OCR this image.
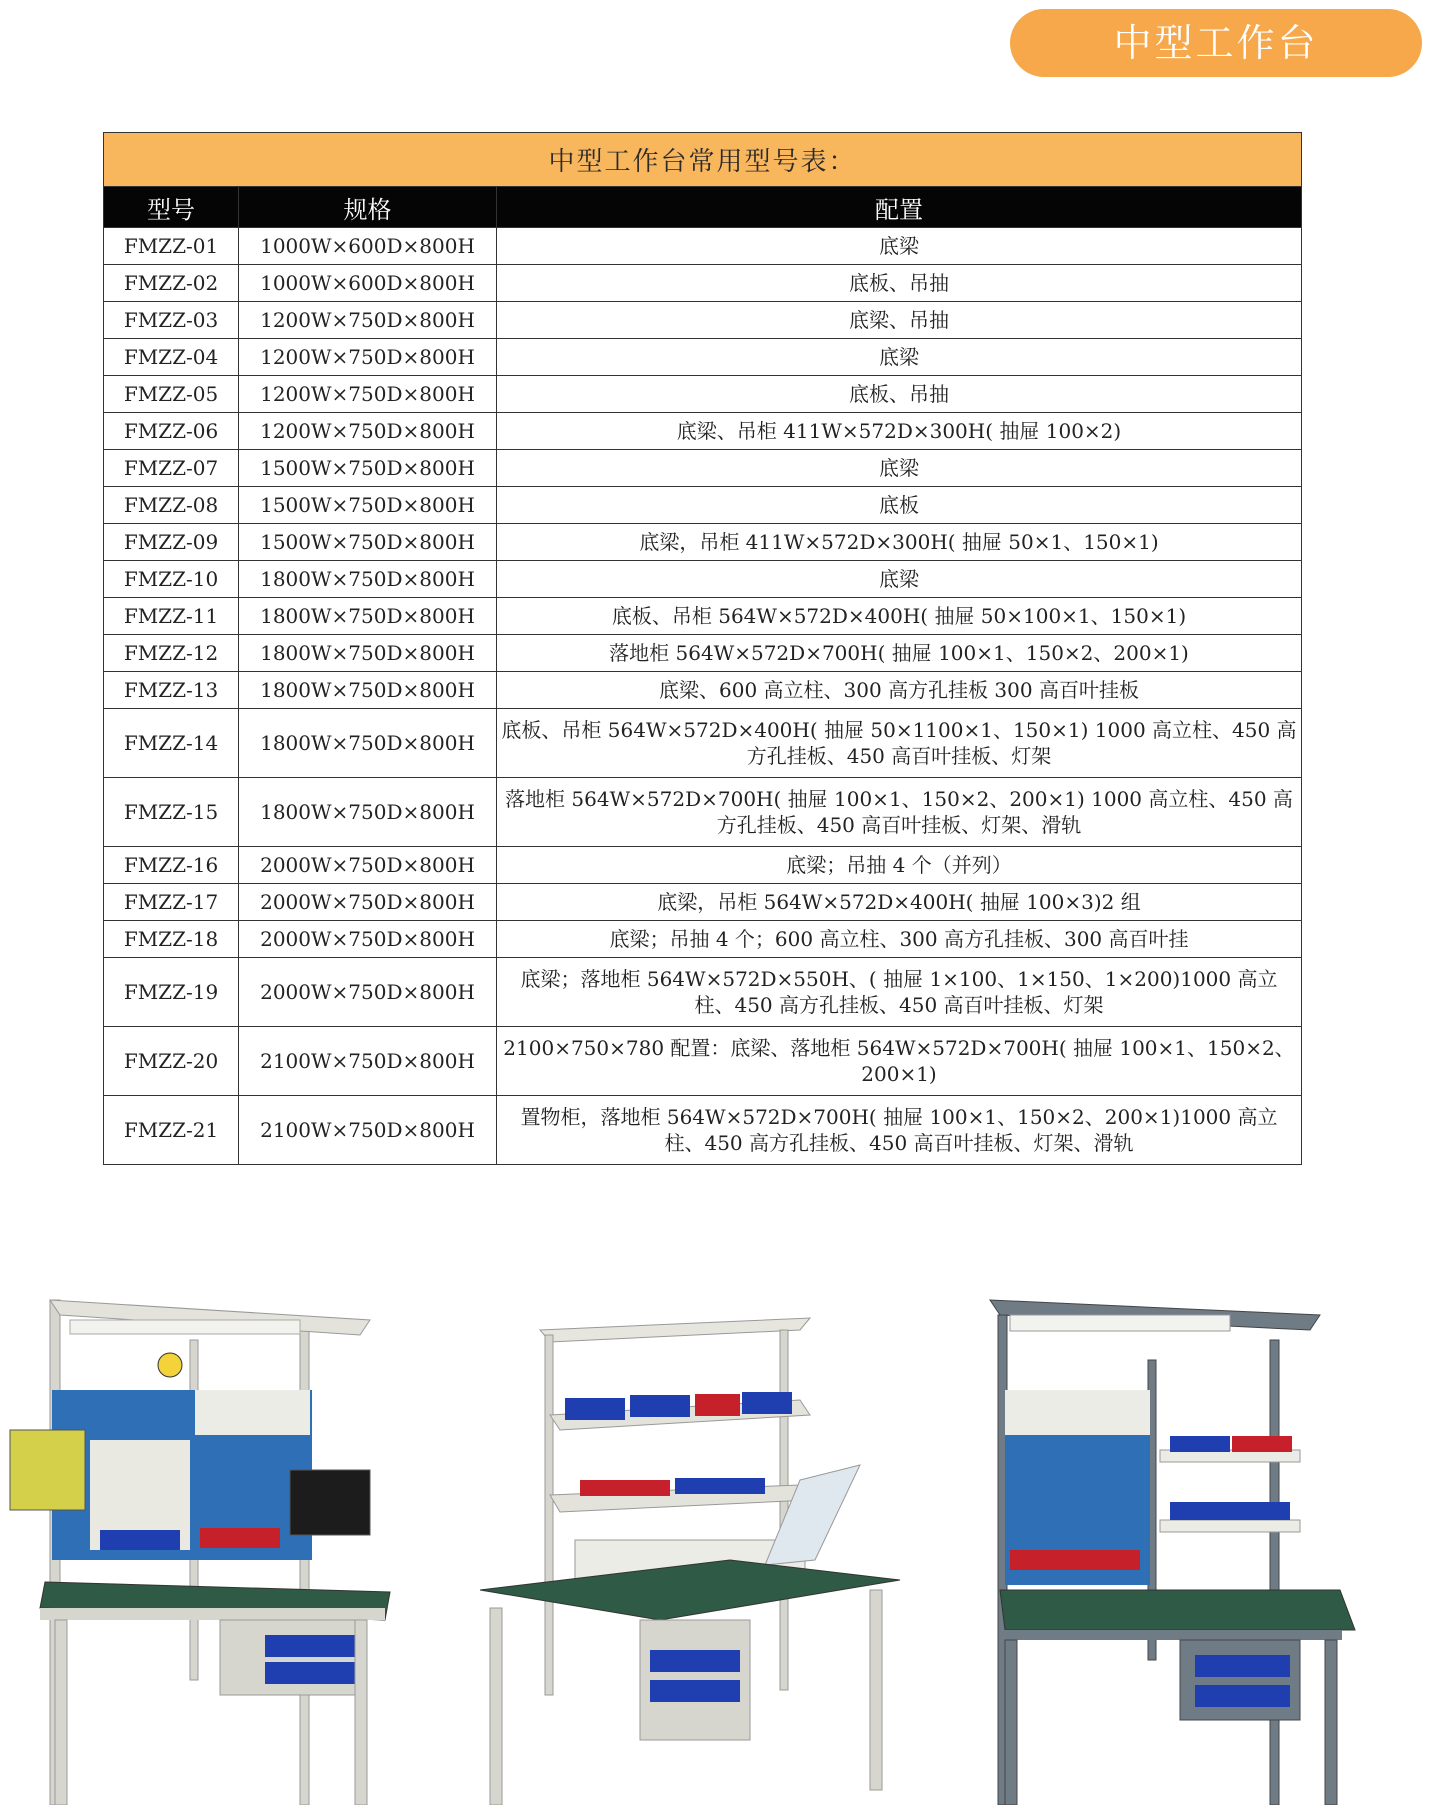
中型工作台
中型工作台常用型号表：		
型号	规格	配置
FMZZ-01	1000W×600D×800H	底梁
FMZZ-02	1000W×600D×800H	底板、吊抽
FMZZ-03	1200W×750D×800H	底梁、吊抽
FMZZ-04	1200W×750D×800H	底梁
FMZZ-05	1200W×750D×800H	底板、吊抽
FMZZ-06	1200W×750D×800H	底梁、吊柜 411W×572D×300H( 抽屉 100×2)
FMZZ-07	1500W×750D×800H	底梁
FMZZ-08	1500W×750D×800H	底板
FMZZ-09	1500W×750D×800H	底梁，吊柜 411W×572D×300H( 抽屉 50×1、150×1)
FMZZ-10	1800W×750D×800H	底梁
FMZZ-11	1800W×750D×800H	底板、吊柜 564W×572D×400H( 抽屉 50×100×1、150×1)
FMZZ-12	1800W×750D×800H	落地柜 564W×572D×700H( 抽屉 100×1、150×2、200×1)
FMZZ-13	1800W×750D×800H	底梁、600 高立柱、300 高方孔挂板 300 高百叶挂板
FMZZ-14	1800W×750D×800H	底板、吊柜 564W×572D×400H( 抽屉 50×1100×1、150×1) 1000 高立柱、450 高方孔挂板、450 高百叶挂板、灯架
FMZZ-15	1800W×750D×800H	落地柜 564W×572D×700H( 抽屉 100×1、150×2、200×1) 1000 高立柱、450 高方孔挂板、450 高百叶挂板、灯架、滑轨
FMZZ-16	2000W×750D×800H	底梁；吊抽 4 个（并列）
FMZZ-17	2000W×750D×800H	底梁，吊柜 564W×572D×400H( 抽屉 100×3)2 组
FMZZ-18	2000W×750D×800H	底梁；吊抽 4 个；600 高立柱、300 高方孔挂板、300 高百叶挂
FMZZ-19	2000W×750D×800H	底梁；落地柜 564W×572D×550H、( 抽屉 1×100、1×150、1×200)1000 高立柱、450 高方孔挂板、450 高百叶挂板、灯架
FMZZ-20	2100W×750D×800H	2100×750×780 配置：底梁、落地柜 564W×572D×700H( 抽屉 100×1、150×2、200×1)
FMZZ-21	2100W×750D×800H	置物柜，落地柜 564W×572D×700H( 抽屉 100×1、150×2、200×1)1000 高立柱、450 高方孔挂板、450 高百叶挂板、灯架、滑轨
